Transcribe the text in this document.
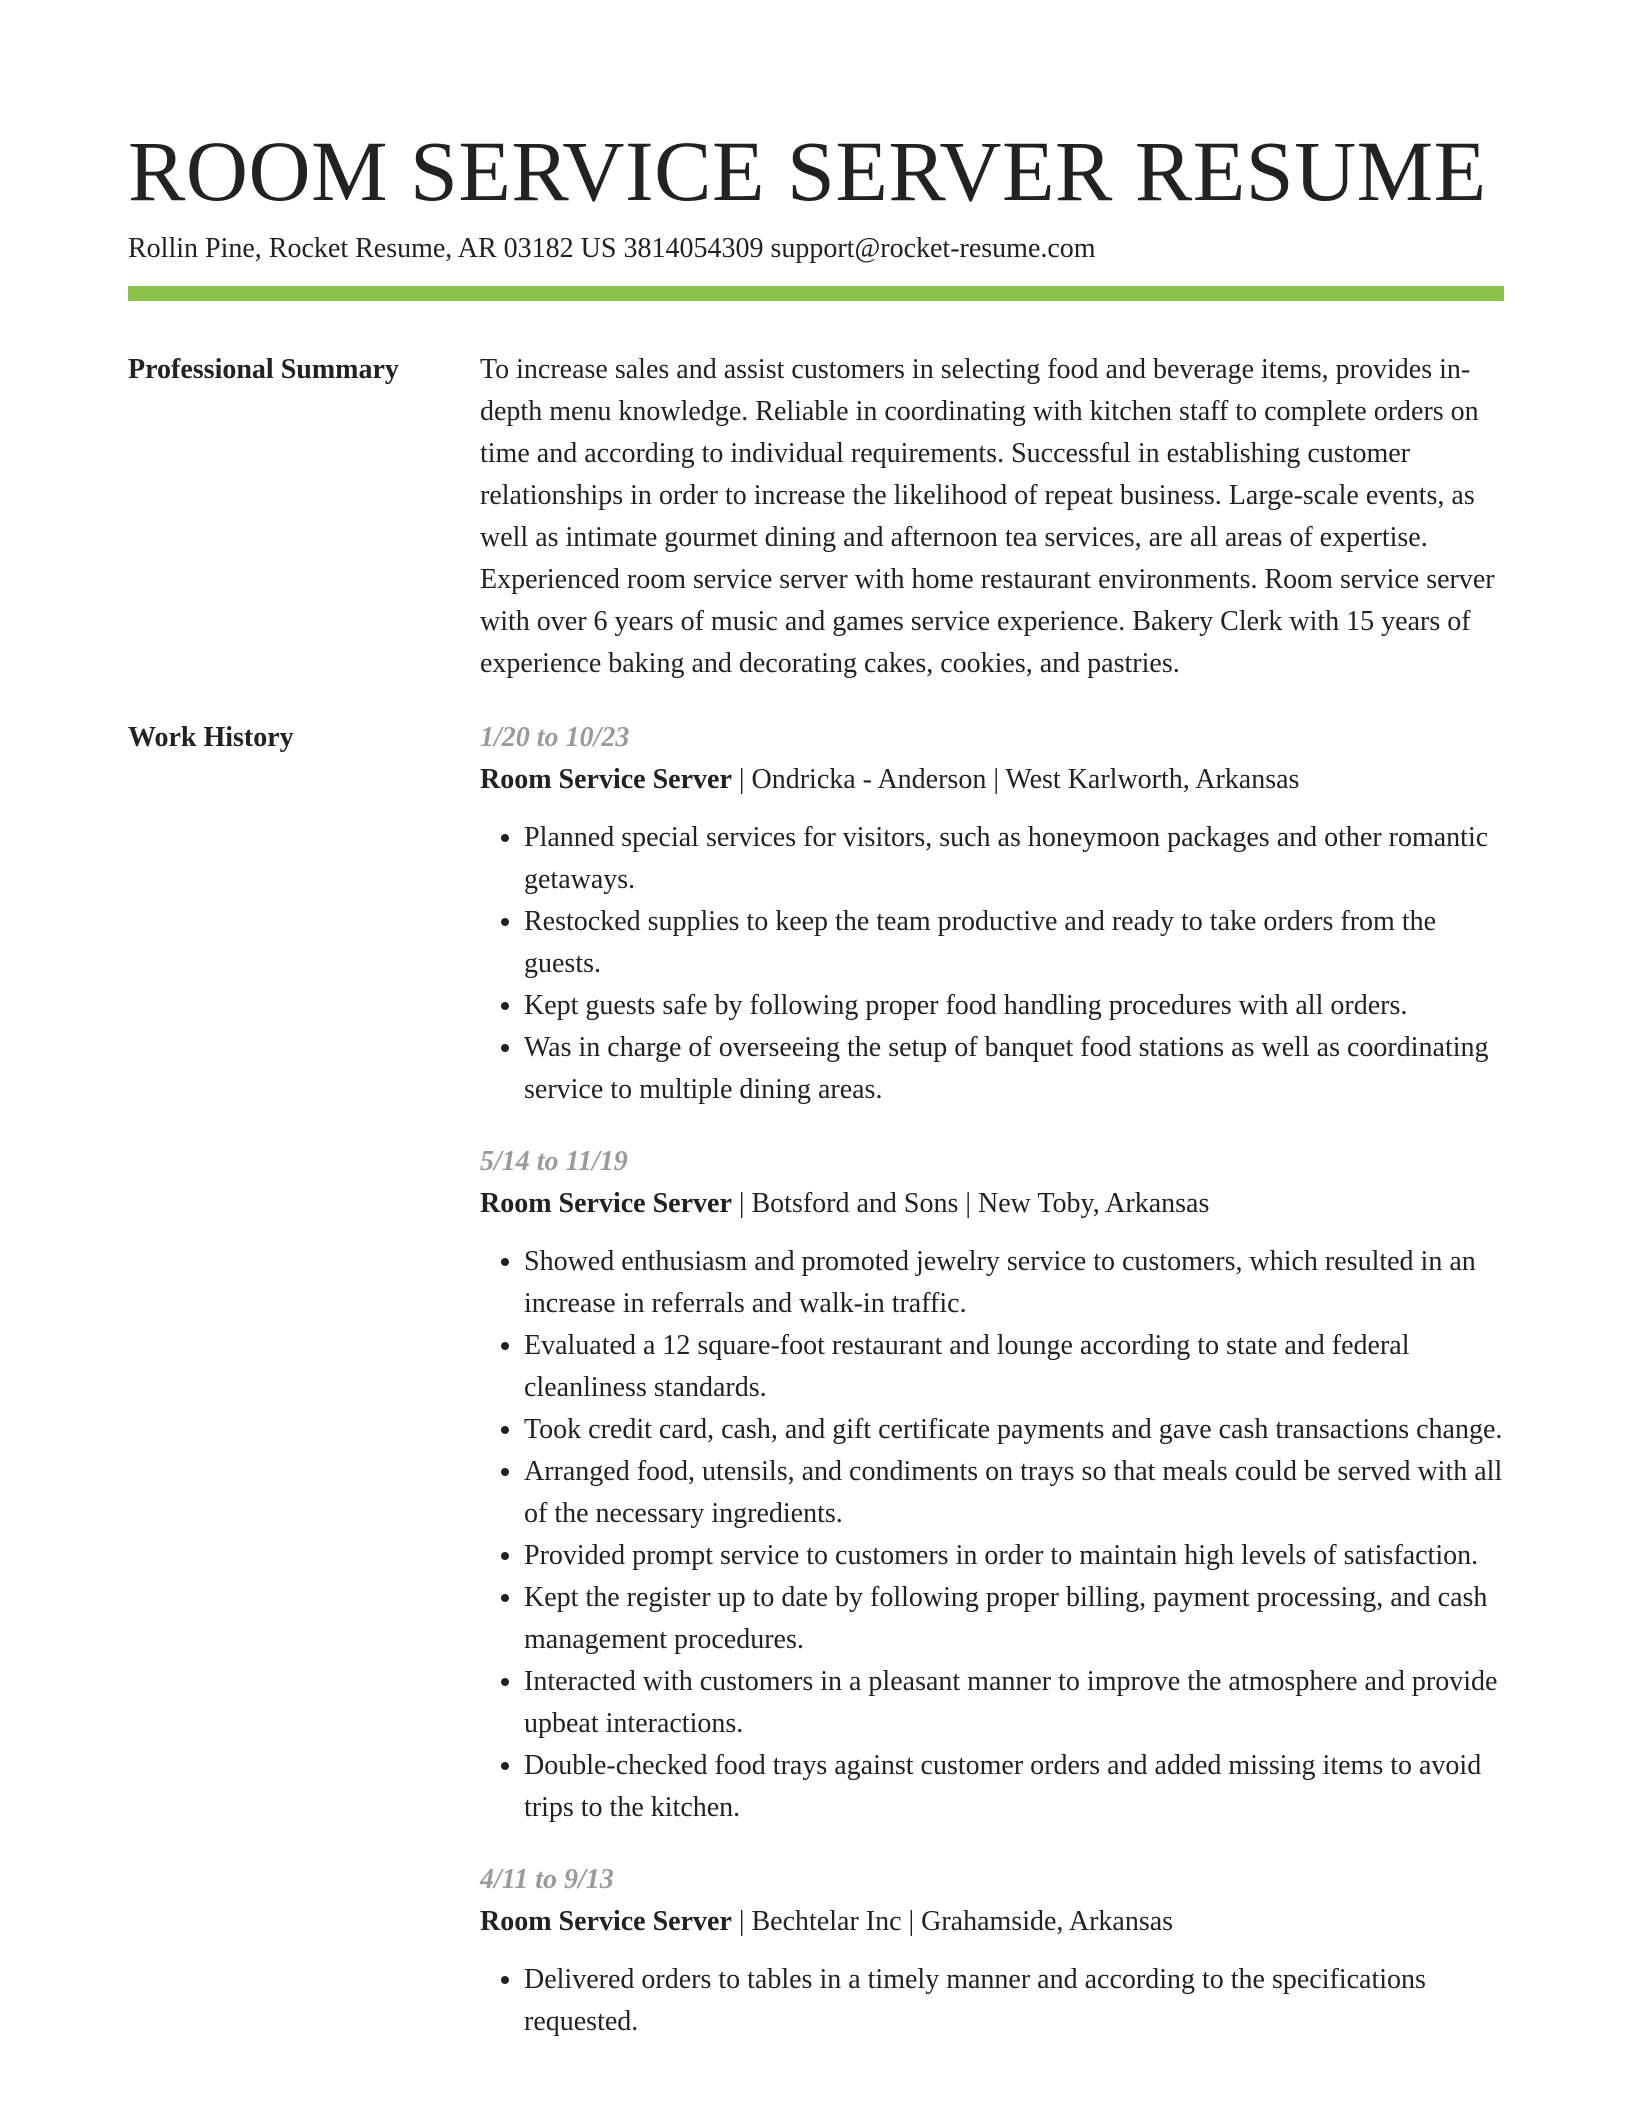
ROOM SERVICE SERVER RESUME
Rollin Pine, Rocket Resume, AR 03182 US 3814054309 support@rocket-resume.com
Professional Summary	To increase sales and assist customers in selecting food and beverage items, provides in-depth menu knowledge. Reliable in coordinating with kitchen staff to complete orders on time and according to individual requirements. Successful in establishing customer relationships in order to increase the likelihood of repeat business. Large-scale events, as well as intimate gourmet dining and afternoon tea services, are all areas of expertise. Experienced room service server with home restaurant environments. Room service server with over 6 years of music and games service experience. Bakery Clerk with 15 years of experience baking and decorating cakes, cookies, and pastries.

Work History	1/20 to 10/23
Room Service Server | Ondricka - Anderson | West Karlworth, Arkansas
• Planned special services for visitors, such as honeymoon packages and other romantic getaways.
• Restocked supplies to keep the team productive and ready to take orders from the guests.
• Kept guests safe by following proper food handling procedures with all orders.
• Was in charge of overseeing the setup of banquet food stations as well as coordinating service to multiple dining areas.
5/14 to 11/19
Room Service Server | Botsford and Sons | New Toby, Arkansas
• Showed enthusiasm and promoted jewelry service to customers, which resulted in an increase in referrals and walk-in traffic.
• Evaluated a 12 square-foot restaurant and lounge according to state and federal cleanliness standards.
• Took credit card, cash, and gift certificate payments and gave cash transactions change.
• Arranged food, utensils, and condiments on trays so that meals could be served with all of the necessary ingredients.
• Provided prompt service to customers in order to maintain high levels of satisfaction.
• Kept the register up to date by following proper billing, payment processing, and cash management procedures.
• Interacted with customers in a pleasant manner to improve the atmosphere and provide upbeat interactions.
• Double-checked food trays against customer orders and added missing items to avoid trips to the kitchen.
4/11 to 9/13
Room Service Server | Bechtelar Inc | Grahamside, Arkansas
• Delivered orders to tables in a timely manner and according to the specifications requested.
